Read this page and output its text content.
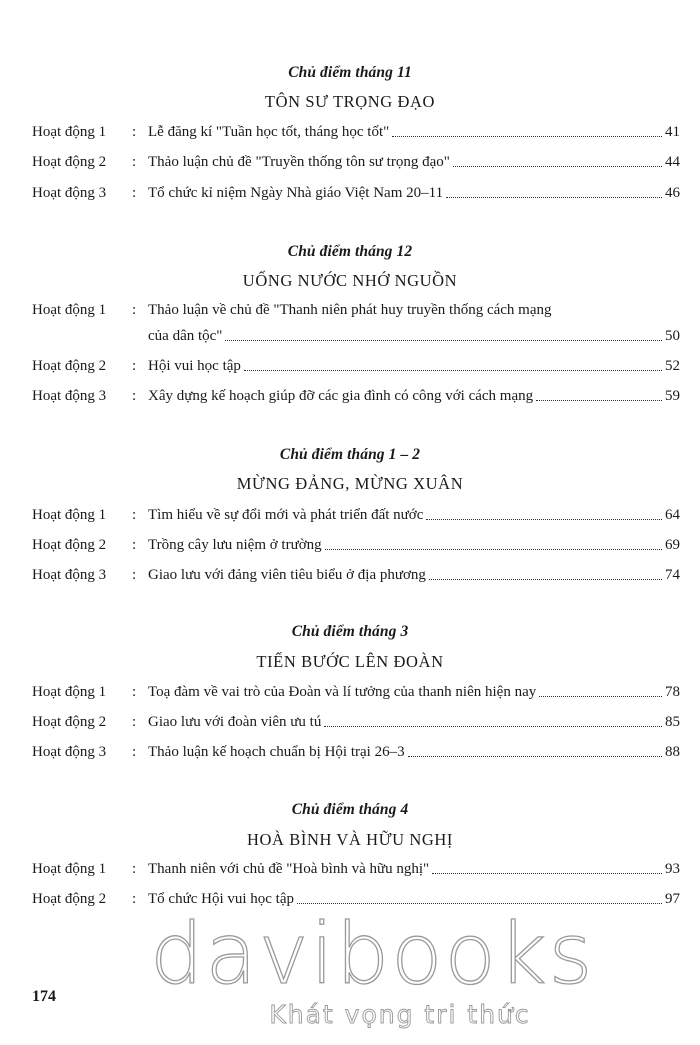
Chủ điểm tháng 11
TÔN SƯ TRỌNG ĐẠO
Hoạt động 1	: Lễ đăng kí "Tuần học tốt, tháng học tốt"	41
Hoạt động 2	: Thảo luận chủ đề "Truyền thống tôn sư trọng đạo"	44
Hoạt động 3	: Tổ chức kỉ niệm Ngày Nhà giáo Việt Nam 20–11	46
Chủ điểm tháng 12
UỐNG NƯỚC NHỚ NGUỒN
Hoạt động 1	: Thảo luận về chủ đề "Thanh niên phát huy truyền thống cách mạng
của dân tộc"	50
Hoạt động 2	: Hội vui học tập	52
Hoạt động 3	: Xây dựng kế hoạch giúp đỡ các gia đình có công với cách mạng	59
Chủ điểm tháng 1 – 2
MỪNG ĐẢNG, MỪNG XUÂN
Hoạt động 1	: Tìm hiểu về sự đổi mới và phát triển đất nước	64
Hoạt động 2	: Trồng cây lưu niệm ở trường	69
Hoạt động 3	: Giao lưu với đảng viên tiêu biểu ở địa phương	74
Chủ điểm tháng 3
TIẾN BƯỚC LÊN ĐOÀN
Hoạt động 1	: Toạ đàm về vai trò của Đoàn và lí tưởng của thanh niên hiện nay	78
Hoạt động 2	: Giao lưu với đoàn viên ưu tú	85
Hoạt động 3	: Thảo luận kế hoạch chuẩn bị Hội trại 26–3	88
Chủ điểm tháng 4
HOÀ BÌNH VÀ HỮU NGHỊ
Hoạt động 1	: Thanh niên với chủ đề "Hoà bình và hữu nghị"	93
Hoạt động 2	: Tổ chức Hội vui học tập	97
davibooks
Khát vọng tri thức
174
